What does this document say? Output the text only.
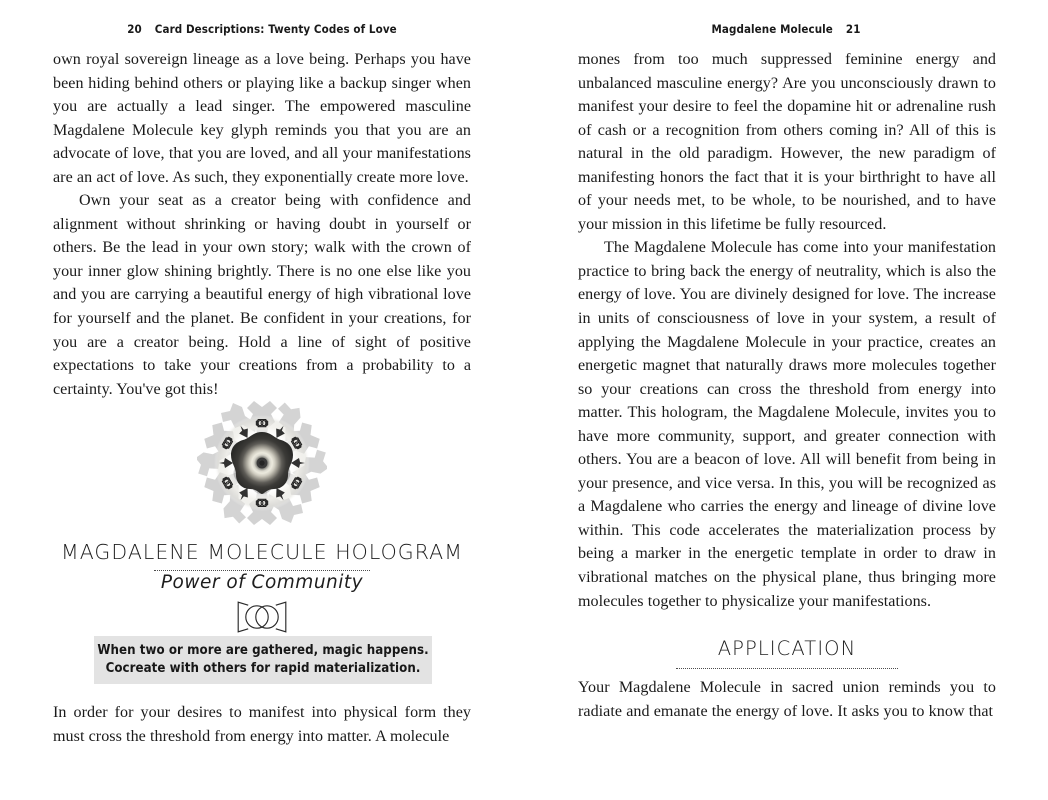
20 Card Descriptions: Twenty Codes of Love

own royal sovereign lineage as a love being. Perhaps you have been hiding behind others or playing like a backup singer when you are actually a lead singer. The empowered masculine Magdalene Molecule key glyph reminds you that you are an advocate of love, that you are loved, and all your manifestations are an act of love. As such, they exponentially create more love.

Own your seat as a creator being with confidence and alignment without shrinking or having doubt in yourself or others. Be the lead in your own story; walk with the crown of your inner glow shining brightly. There is no one else like you and you are carrying a beautiful energy of high vibrational love for yourself and the planet. Be confident in your creations, for you are a creator being. Hold a line of sight of positive expectations to take your creations from a probability to a certainty. You've got this!

MAGDALENE MOLECULE HOLOGRAM
Power of Community
When two or more are gathered, magic happens.
Cocreate with others for rapid materialization.

In order for your desires to manifest into physical form they must cross the threshold from energy into matter. A molecule

Magdalene Molecule 21

mones from too much suppressed feminine energy and unbalanced masculine energy? Are you unconsciously drawn to manifest your desire to feel the dopamine hit or adrenaline rush of cash or a recognition from others coming in? All of this is natural in the old paradigm. However, the new paradigm of manifesting honors the fact that it is your birthright to have all of your needs met, to be whole, to be nourished, and to have your mission in this lifetime be fully resourced.

The Magdalene Molecule has come into your manifestation practice to bring back the energy of neutrality, which is also the energy of love. You are divinely designed for love. The increase in units of consciousness of love in your system, a result of applying the Magdalene Molecule in your practice, creates an energetic magnet that naturally draws more molecules together so your creations can cross the threshold from energy into matter. This hologram, the Magdalene Molecule, invites you to have more community, support, and greater connection with others. You are a beacon of love. All will benefit from being in your presence, and vice versa. In this, you will be recognized as a Magdalene who carries the energy and lineage of divine love within. This code accelerates the materialization process by being a marker in the energetic template in order to draw in vibrational matches on the physical plane, thus bringing more molecules together to physicalize your manifestations.

APPLICATION

Your Magdalene Molecule in sacred union reminds you to radiate and emanate the energy of love. It asks you to know that
